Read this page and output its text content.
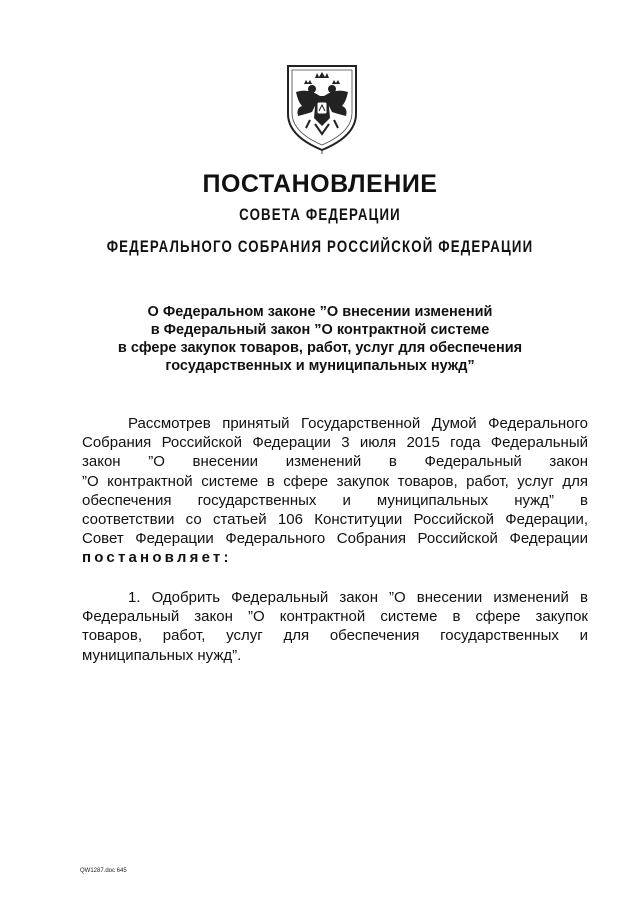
ПОСТАНОВЛЕНИЕ
СОВЕТА ФЕДЕРАЦИИ
ФЕДЕРАЛЬНОГО СОБРАНИЯ РОССИЙСКОЙ ФЕДЕРАЦИИ
О Федеральном законе ”О внесении изменений
в Федеральный закон ”О контрактной системе
в сфере закупок товаров, работ, услуг для обеспечения
государственных и муниципальных нужд”
Рассмотрев принятый Государственной Думой Федерального
Собрания Российской Федерации 3 июля 2015 года Федеральный
закон ”О внесении изменений в Федеральный закон
”О контрактной системе в сфере закупок товаров, работ, услуг для
обеспечения государственных и муниципальных нужд” в
соответствии со статьей 106 Конституции Российской Федерации,
Совет Федерации Федерального Собрания Российской Федерации
постановляет:
1. Одобрить Федеральный закон ”О внесении изменений в
Федеральный закон ”О контрактной системе в сфере закупок
товаров, работ, услуг для обеспечения государственных и
муниципальных нужд”.
QW1287.doc 645
